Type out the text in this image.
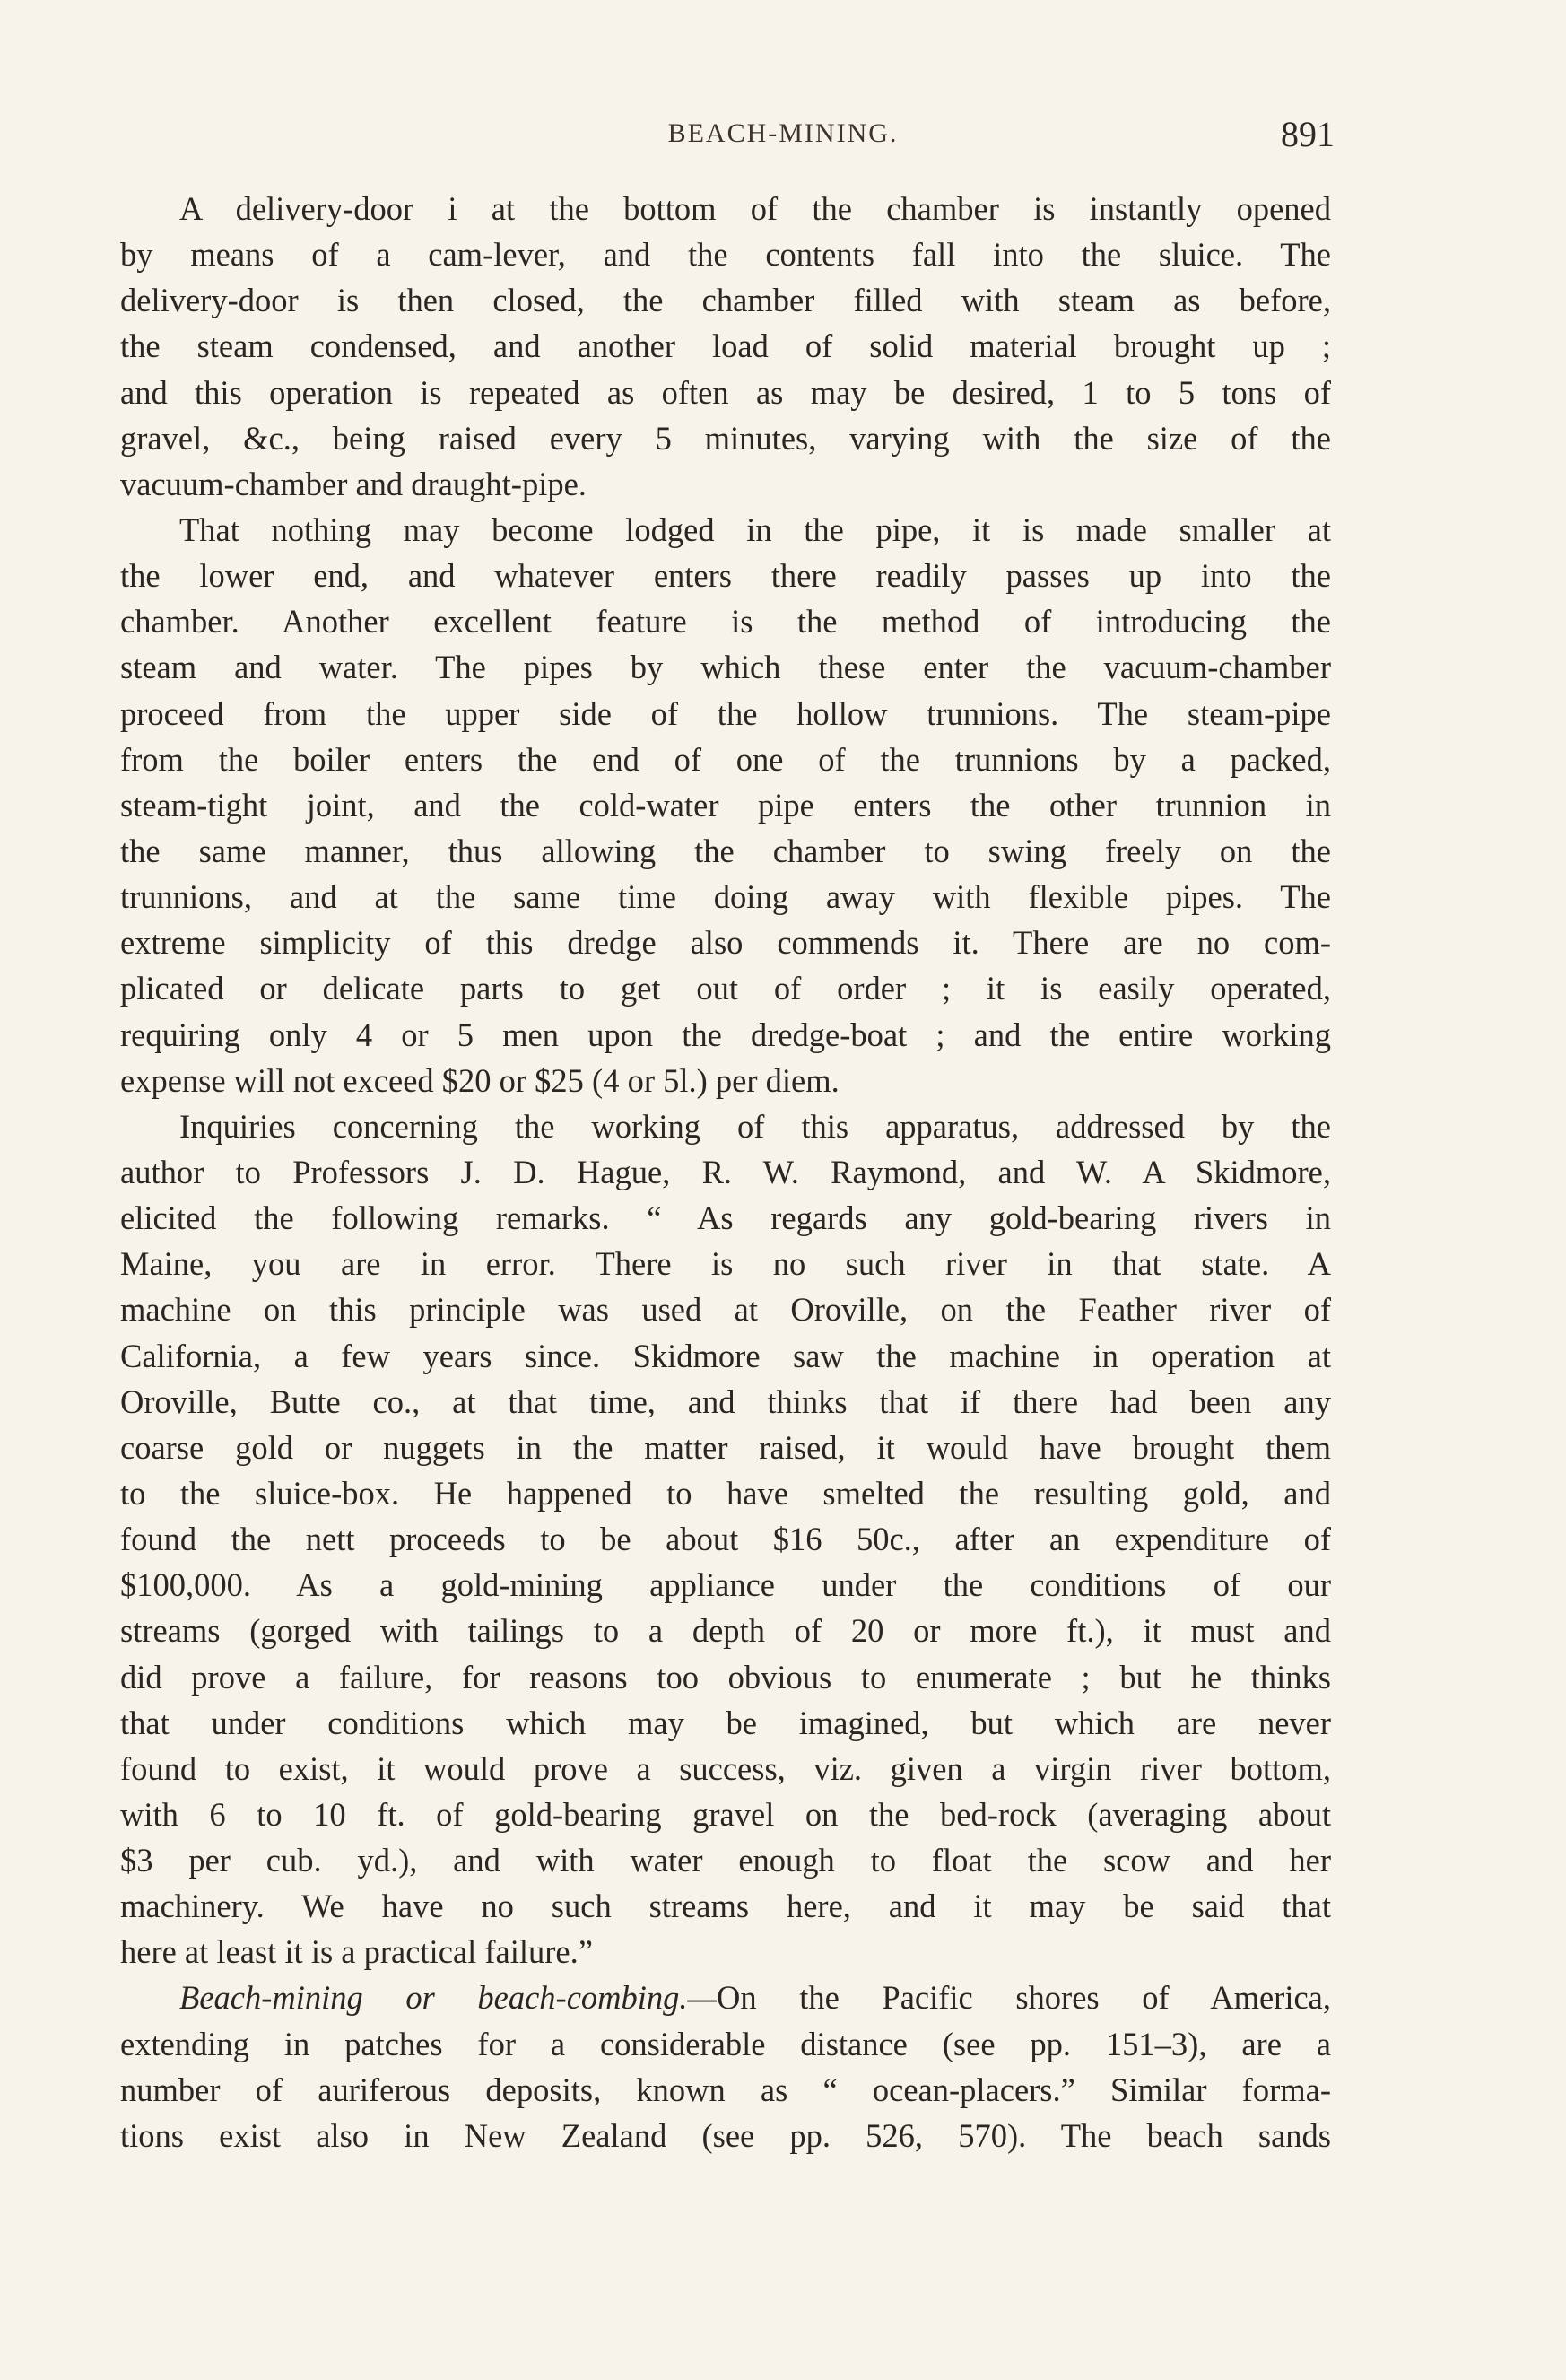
BEACH-MINING.	891
A delivery-door i at the bottom of the chamber is instantly opened
by means of a cam-lever, and the contents fall into the sluice. The
delivery-door is then closed, the chamber filled with steam as before,
the steam condensed, and another load of solid material brought up ;
and this operation is repeated as often as may be desired, 1 to 5 tons of
gravel, &c., being raised every 5 minutes, varying with the size of the
vacuum-chamber and draught-pipe.
That nothing may become lodged in the pipe, it is made smaller at
the lower end, and whatever enters there readily passes up into the
chamber. Another excellent feature is the method of introducing the
steam and water. The pipes by which these enter the vacuum-chamber
proceed from the upper side of the hollow trunnions. The steam-pipe
from the boiler enters the end of one of the trunnions by a packed,
steam-tight joint, and the cold-water pipe enters the other trunnion in
the same manner, thus allowing the chamber to swing freely on the
trunnions, and at the same time doing away with flexible pipes. The
extreme simplicity of this dredge also commends it. There are no com-
plicated or delicate parts to get out of order ; it is easily operated,
requiring only 4 or 5 men upon the dredge-boat ; and the entire working
expense will not exceed $20 or $25 (4 or 5l.) per diem.
Inquiries concerning the working of this apparatus, addressed by the
author to Professors J. D. Hague, R. W. Raymond, and W. A Skidmore,
elicited the following remarks. “ As regards any gold-bearing rivers in
Maine, you are in error. There is no such river in that state. A
machine on this principle was used at Oroville, on the Feather river of
California, a few years since. Skidmore saw the machine in operation at
Oroville, Butte co., at that time, and thinks that if there had been any
coarse gold or nuggets in the matter raised, it would have brought them
to the sluice-box. He happened to have smelted the resulting gold, and
found the nett proceeds to be about $16 50c., after an expenditure of
$100,000. As a gold-mining appliance under the conditions of our
streams (gorged with tailings to a depth of 20 or more ft.), it must and
did prove a failure, for reasons too obvious to enumerate ; but he thinks
that under conditions which may be imagined, but which are never
found to exist, it would prove a success, viz. given a virgin river bottom,
with 6 to 10 ft. of gold-bearing gravel on the bed-rock (averaging about
$3 per cub. yd.), and with water enough to float the scow and her
machinery. We have no such streams here, and it may be said that
here at least it is a practical failure.”
Beach-mining or beach-combing.—On the Pacific shores of America,
extending in patches for a considerable distance (see pp. 151–3), are a
number of auriferous deposits, known as “ ocean-placers.” Similar forma-
tions exist also in New Zealand (see pp. 526, 570). The beach sands
